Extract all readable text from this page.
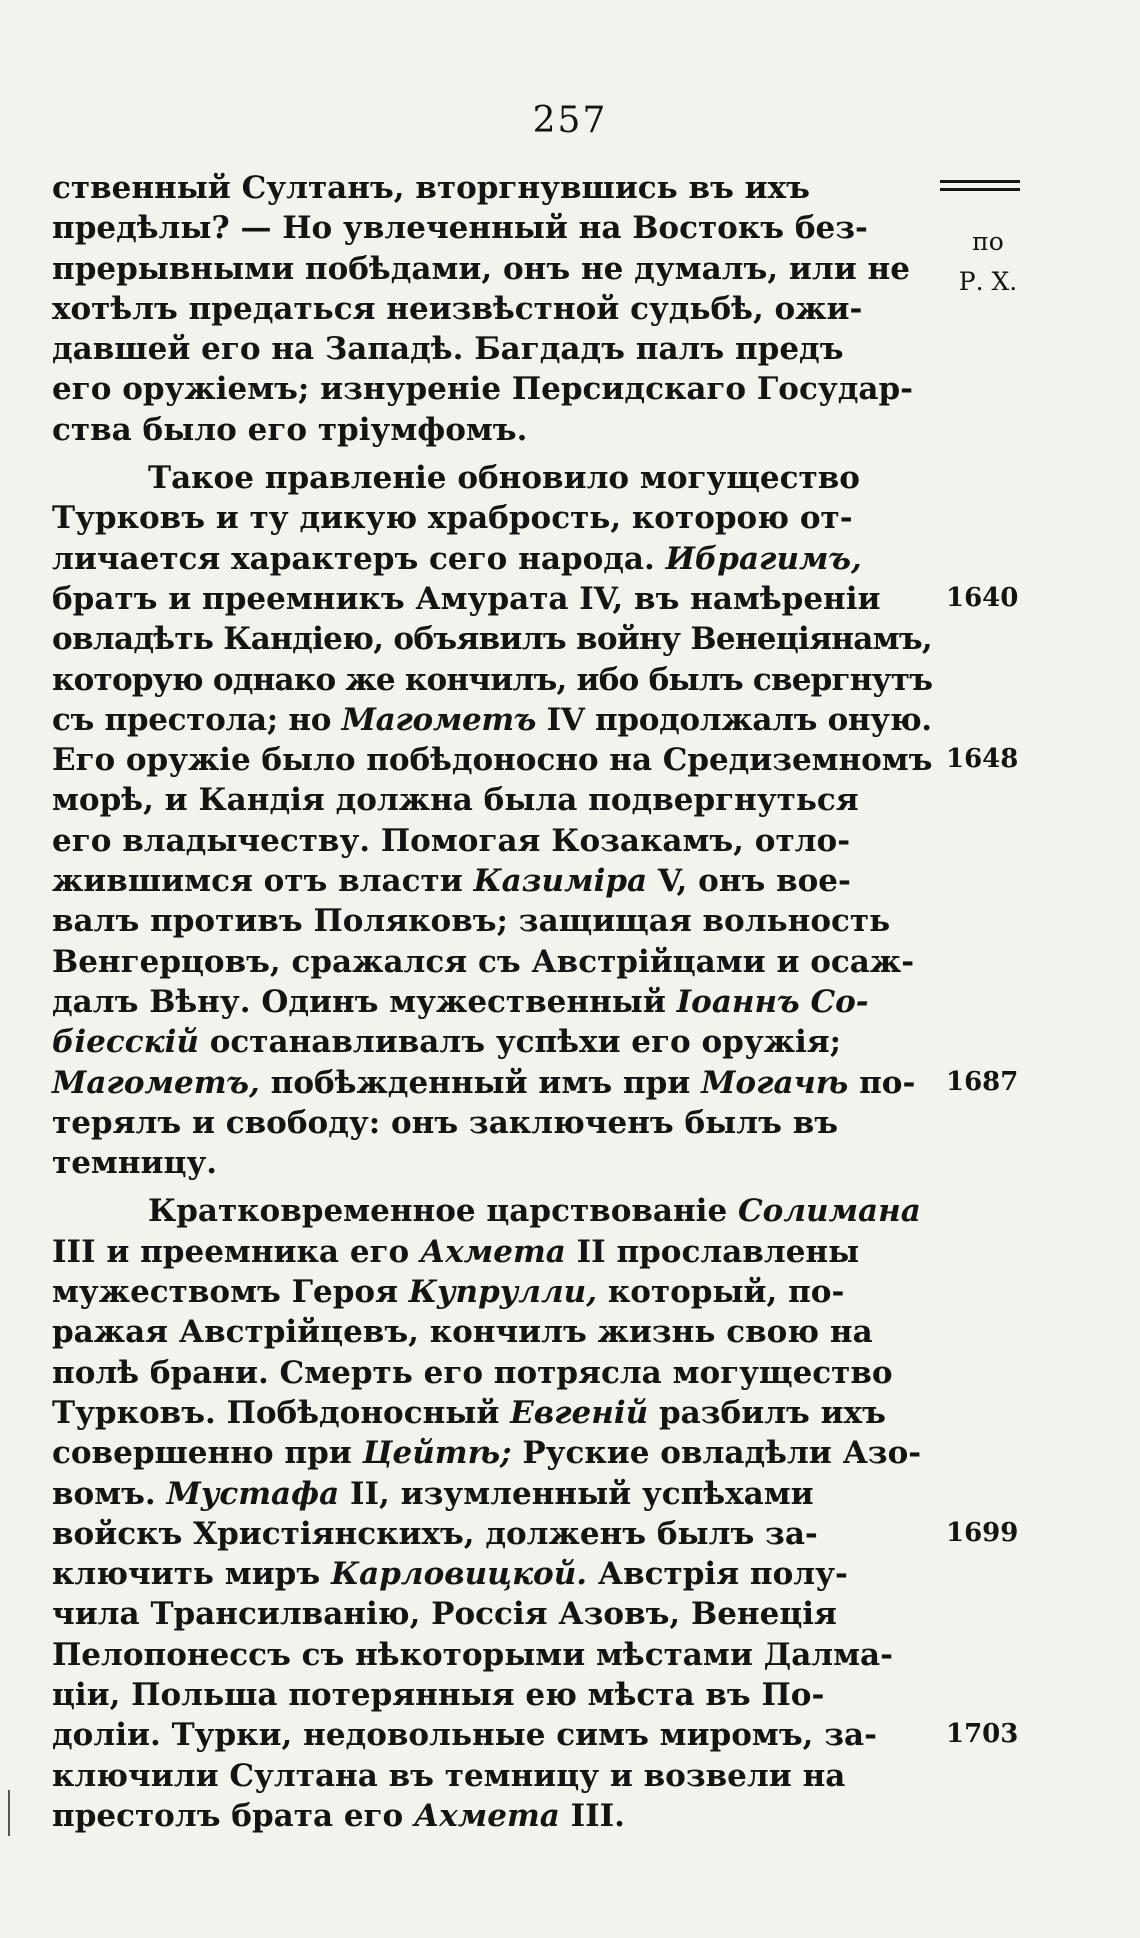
257
по
Р. Х.

ственный Султанъ, вторгнувшись въ ихъ
предѣлы? — Но увлеченный на Востокъ без-
прерывными побѣдами, онъ не думалъ, или не
хотѣлъ предаться неизвѣстной судьбѣ, ожи-
давшей его на Западѣ. Багдадъ палъ предъ
его оружіемъ; изнуреніе Персидскаго Государ-
ства было его тріумфомъ.

Такое правленіе обновило могущество
Турковъ и ту дикую храбрость, которою от-
личается характеръ сего народа. Ибрагимъ,
братъ и преемникъ Амурата IV, въ намѣреніи
овладѣть Кандіею, объявилъ войну Венеціянамъ,
которую однако же кончилъ, ибо былъ свергнутъ
съ престола; но Магометъ IV продолжалъ оную.
Его оружіе было побѣдоносно на Средиземномъ
морѣ, и Кандія должна была подвергнуться
его владычеству. Помогая Козакамъ, отло-
жившимся отъ власти Казиміра V, онъ вое-
валъ противъ Поляковъ; защищая вольность
Венгерцовъ, сражался съ Австрійцами и осаж-
далъ Вѣну. Одинъ мужественный Іоаннъ Со-
біесскій останавливалъ успѣхи его оружія;
Магометъ, побѣжденный имъ при Могачѣ по-
терялъ и свободу: онъ заключенъ былъ въ
темницу.

Кратковременное царствованіе Солимана
III и преемника его Ахмета II прославлены
мужествомъ Героя Купрулли, который, по-
ражая Австрійцевъ, кончилъ жизнь свою на
полѣ брани. Смерть его потрясла могущество
Турковъ. Побѣдоносный Евгеній разбилъ ихъ
совершенно при Цейтѣ; Руские овладѣли Азо-
вомъ. Мустафа II, изумленный успѣхами
войскъ Христіянскихъ, долженъ былъ за-
ключить миръ Карловицкой. Австрія полу-
чила Трансилванію, Россія Азовъ, Венеція
Пелопонессъ съ нѣкоторыми мѣстами Далма-
ціи, Польша потерянныя ею мѣста въ По-
доліи. Турки, недовольные симъ миромъ, за-
ключили Султана въ темницу и возвели на
престолъ брата его Ахмета III.

1640
1648
1687
1699
1703
